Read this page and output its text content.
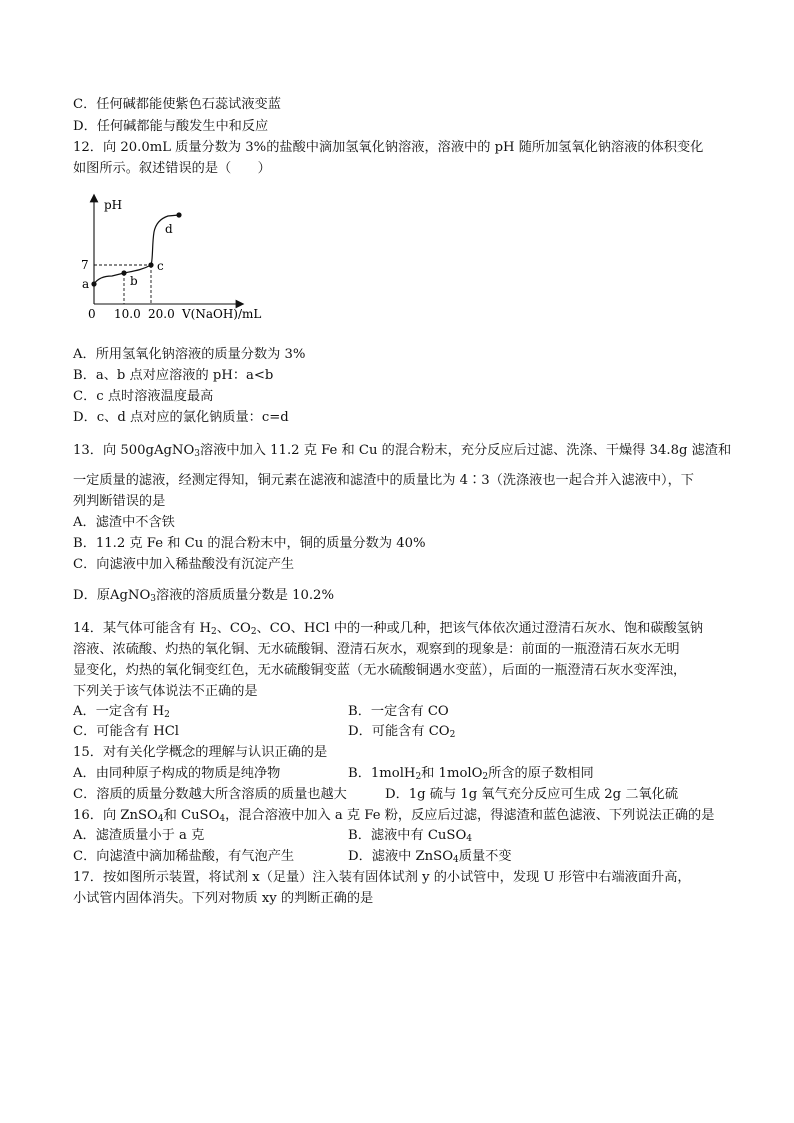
C．任何碱都能使紫色石蕊试液变蓝
D．任何碱都能与酸发生中和反应
12．向 20.0mL 质量分数为 3%的盐酸中滴加氢氧化钠溶液，溶液中的 pH 随所加氢氧化钠溶液的体积变化
如图所示。叙述错误的是（　　）
pH
V(NaOH)/mL
0 10.0 20.0
7
a	b
c
d
A．所用氢氧化钠溶液的质量分数为 3%
B．a、b 点对应溶液的 pH：a<b
C．c 点时溶液温度最高
D．c、d 点对应的氯化钠质量：c=d
13．向 500gAgNO$_3$溶液中加入 11.2 克 Fe 和 Cu 的混合粉末，充分反应后过滤、洗涤、干燥得 34.8g 滤渣和
一定质量的滤液，经测定得知，铜元素在滤液和滤渣中的质量比为 4∶3（洗涤液也一起合并入滤液中），下
列判断错误的是
A．滤渣中不含铁
B．11.2 克 Fe 和 Cu 的混合粉末中，铜的质量分数为 40%
C．向滤液中加入稀盐酸没有沉淀产生
D．原AgNO$_3$溶液的溶质质量分数是 10.2%
14．某气体可能含有 $H_2$、$CO_2$、CO、HCl 中的一种或几种，把该气体依次通过澄清石灰水、饱和碳酸氢钠
溶液、浓硫酸、灼热的氧化铜、无水硫酸铜、澄清石灰水，观察到的现象是：前面的一瓶澄清石灰水无明
显变化，灼热的氧化铜变红色，无水硫酸铜变蓝（无水硫酸铜遇水变蓝），后面的一瓶澄清石灰水变浑浊，
下列关于该气体说法不正确的是
A．一定含有 $H_2$	B．一定含有 CO
C．可能含有 HCl	D．可能含有 $CO_2$
15．对有关化学概念的理解与认识正确的是
A．由同种原子构成的物质是纯净物	B．1molH$_2$和 1molO$_2$所含的原子数相同
C．溶质的质量分数越大所含溶质的质量也越大	D．1g 硫与 1g 氧气充分反应可生成 2g 二氧化硫
16．向 ZnSO$_4$和 CuSO$_4$，混合溶液中加入 a 克 Fe 粉，反应后过滤，得滤渣和蓝色滤液、下列说法正确的是
A．滤渣质量小于 a 克	B．滤液中有 CuSO$_4$
C．向滤渣中滴加稀盐酸，有气泡产生	D．滤液中 ZnSO$_4$质量不变
17．按如图所示装置，将试剂 x（足量）注入装有固体试剂 y 的小试管中，发现 U 形管中右端液面升高，
小试管内固体消失。下列对物质 xy 的判断正确的是
